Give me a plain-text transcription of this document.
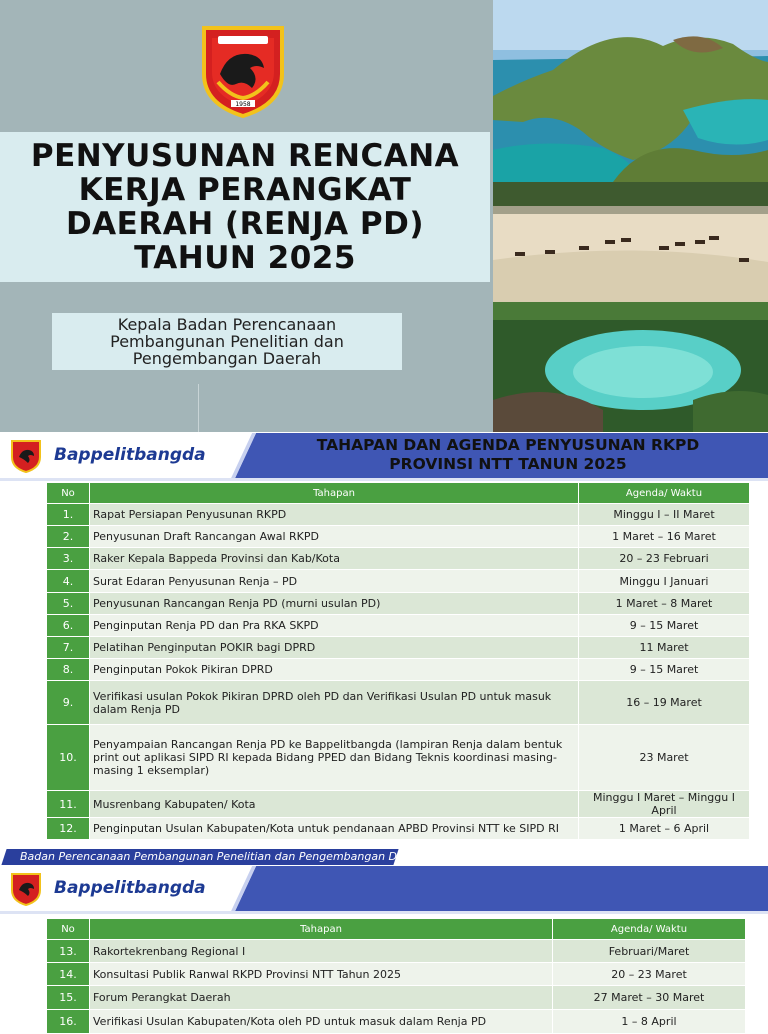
1958
PENYUSUNAN RENCANA
KERJA PERANGKAT
DAERAH (RENJA PD)
TAHUN 2025
Kepala Badan Perencanaan
Pembangunan Penelitian dan
Pengembangan Daerah
Bappelitbangda	TAHAPAN DAN AGENDA PENYUSUNAN RKPD
PROVINSI NTT TANUN 2025
No	Tahapan	Agenda/ Waktu
1.	Rapat Persiapan Penyusunan RKPD	Minggu I – II Maret
2.	Penyusunan Draft Rancangan Awal RKPD	1 Maret – 16 Maret
3.	Raker Kepala Bappeda Provinsi dan Kab/Kota	20 – 23 Februari
4.	Surat Edaran Penyusunan Renja – PD	Minggu I Januari
5.	Penyusunan Rancangan Renja PD (murni usulan PD)	1 Maret – 8 Maret
6.	Penginputan Renja PD dan Pra RKA SKPD	9 – 15 Maret
7.	Pelatihan Penginputan POKIR bagi DPRD	11 Maret
8.	Penginputan Pokok Pikiran DPRD	9 – 15 Maret
9.	Verifikasi usulan Pokok Pikiran DPRD oleh PD dan Verifikasi Usulan PD untuk masuk dalam Renja PD	16 – 19 Maret
10.	Penyampaian Rancangan Renja PD ke Bappelitbangda (lampiran Renja dalam bentuk print out aplikasi SIPD RI kepada Bidang PPED dan Bidang Teknis koordinasi masing-masing 1 eksemplar)	23 Maret
11.	Musrenbang Kabupaten/ Kota	Minggu I Maret – Minggu I April
12.	Penginputan Usulan Kabupaten/Kota untuk pendanaan APBD Provinsi NTT ke SIPD RI	1 Maret – 6 April
Badan Perencanaan Pembangunan Penelitian dan Pengembangan Daerah
Bappelitbangda
No	Tahapan	Agenda/ Waktu
13.	Rakortekrenbang Regional I	Februari/Maret
14.	Konsultasi Publik Ranwal RKPD Provinsi NTT Tahun 2025	20 – 23 Maret
15.	Forum Perangkat Daerah	27 Maret – 30 Maret
16.	Verifikasi Usulan Kabupaten/Kota oleh PD untuk masuk dalam Renja PD	1 – 8 April
